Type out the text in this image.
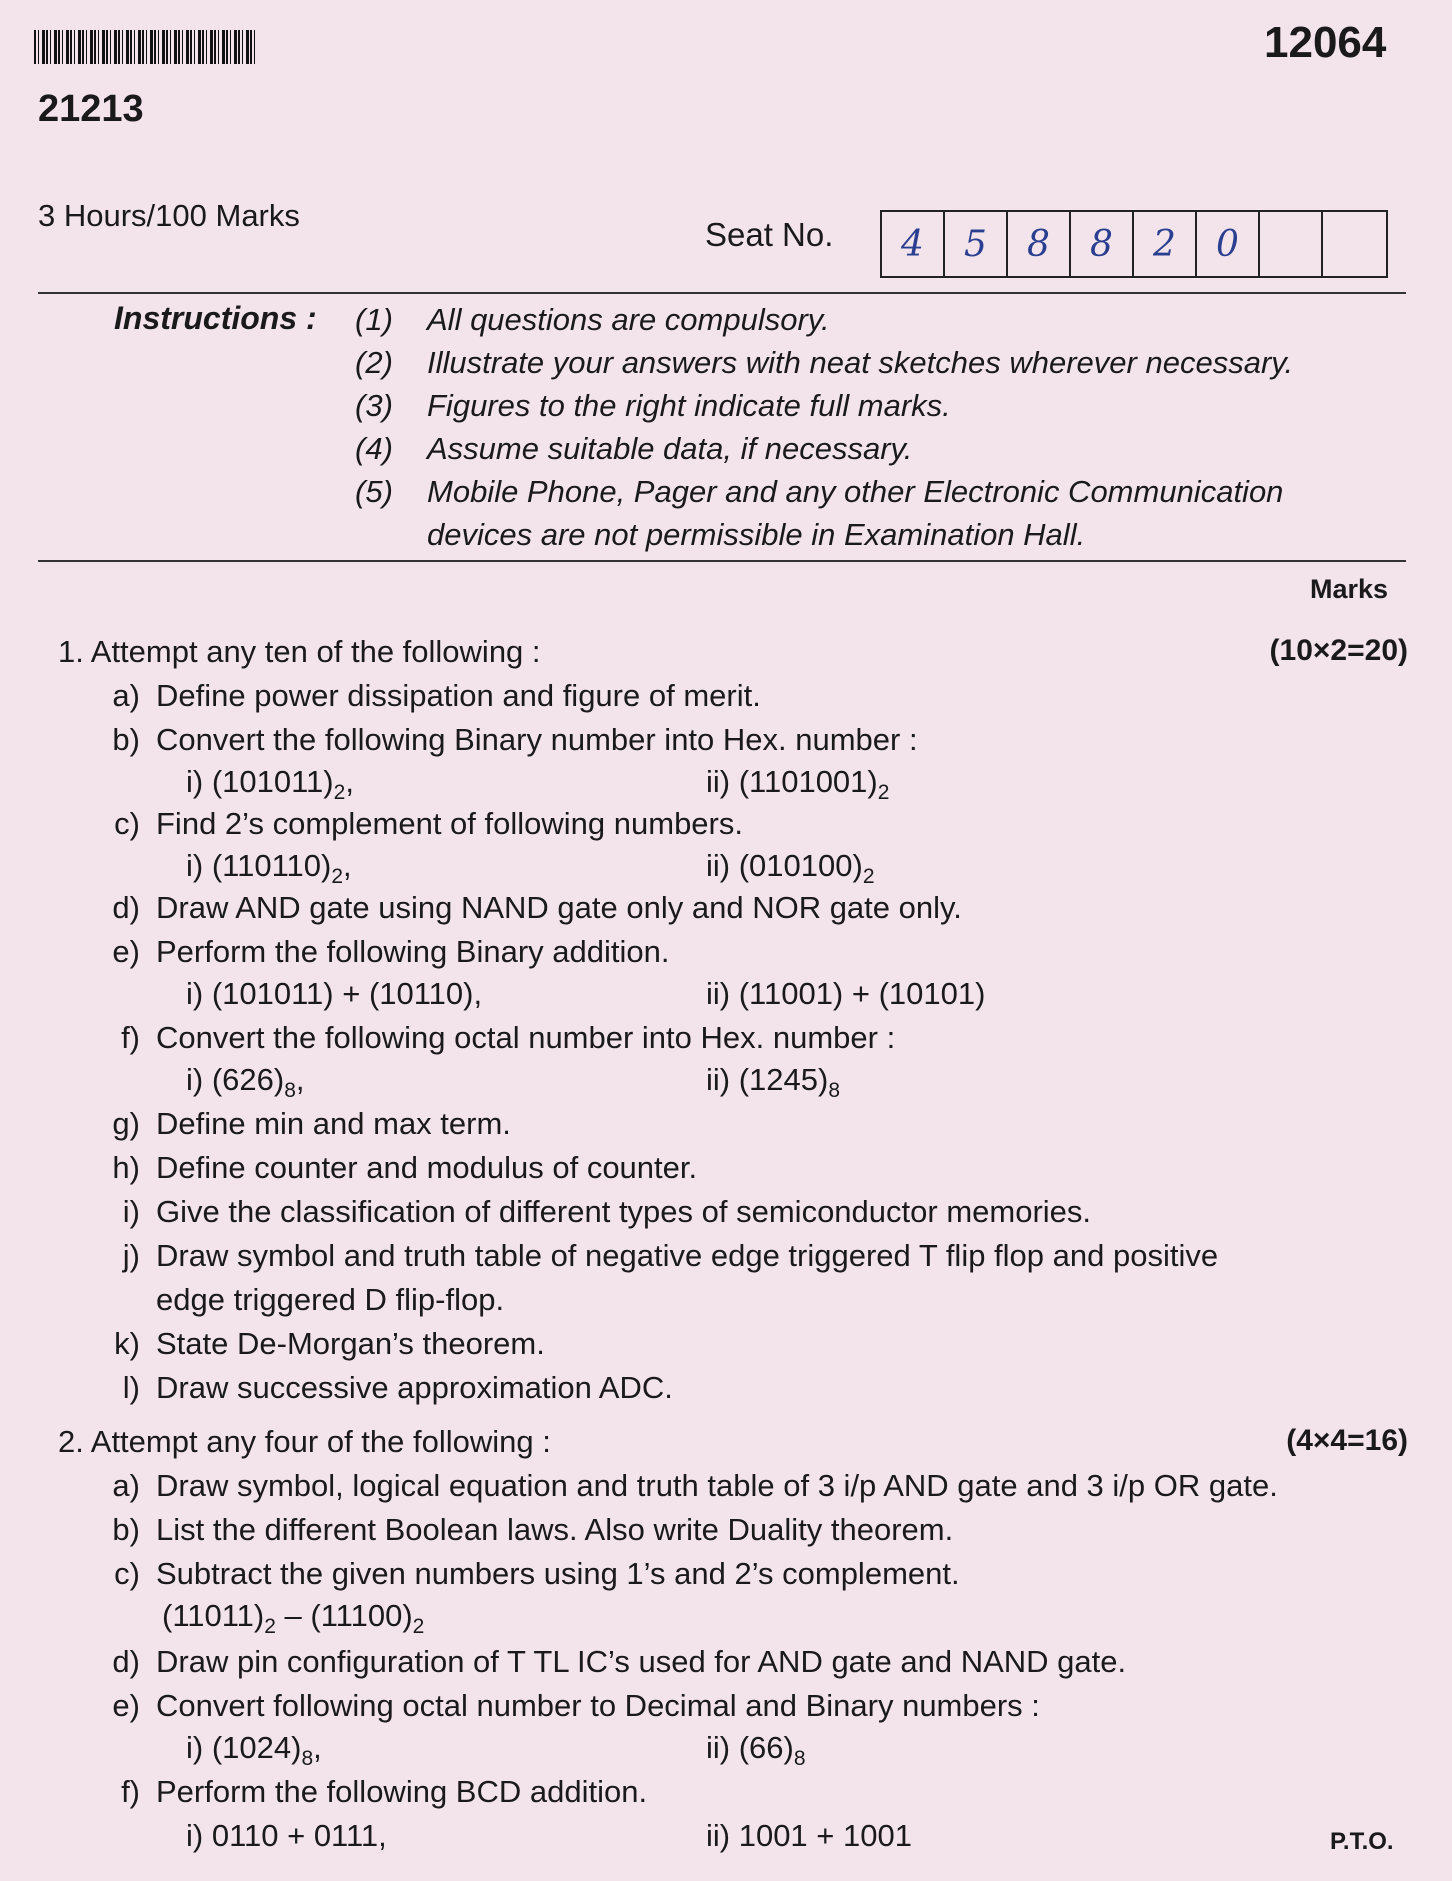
12064
21213
3 Hours/100 Marks
Seat No.	4	5	8	8	2	0
Instructions : (1) All questions are compulsory.
(2) Illustrate your answers with neat sketches wherever necessary.
(3) Figures to the right indicate full marks.
(4) Assume suitable data, if necessary.
(5) Mobile Phone, Pager and any other Electronic Communication
devices are not permissible in Examination Hall.
Marks
1. Attempt any ten of the following :	(10×2=20)
a) Define power dissipation and figure of merit.
b) Convert the following Binary number into Hex. number :
i) $(101011)_2$,	ii) $(1101001)_2$
c) Find 2’s complement of following numbers.
i) $(110110)_2$,	ii) $(010100)_2$
d) Draw AND gate using NAND gate only and NOR gate only.
e) Perform the following Binary addition.
i) (101011) + (10110),	ii) (11001) + (10101)
f) Convert the following octal number into Hex. number :
i) $(626)_8$,	ii) $(1245)_8$
g) Define min and max term.
h) Define counter and modulus of counter.
i) Give the classification of different types of semiconductor memories.
j) Draw symbol and truth table of negative edge triggered T flip flop and positive
edge triggered D flip-flop.
k) State De-Morgan’s theorem.
l) Draw successive approximation ADC.
2. Attempt any four of the following :	(4×4=16)
a) Draw symbol, logical equation and truth table of 3 i/p AND gate and 3 i/p OR gate.
b) List the different Boolean laws. Also write Duality theorem.
c) Subtract the given numbers using 1’s and 2’s complement.
$(11011)_2 - (11100)_2$
d) Draw pin configuration of T TL IC’s used for AND gate and NAND gate.
e) Convert following octal number to Decimal and Binary numbers :
i) $(1024)_8$,	ii) $(66)_8$
f) Perform the following BCD addition.
i) 0110 + 0111,	ii) 1001 + 1001	P.T.O.
